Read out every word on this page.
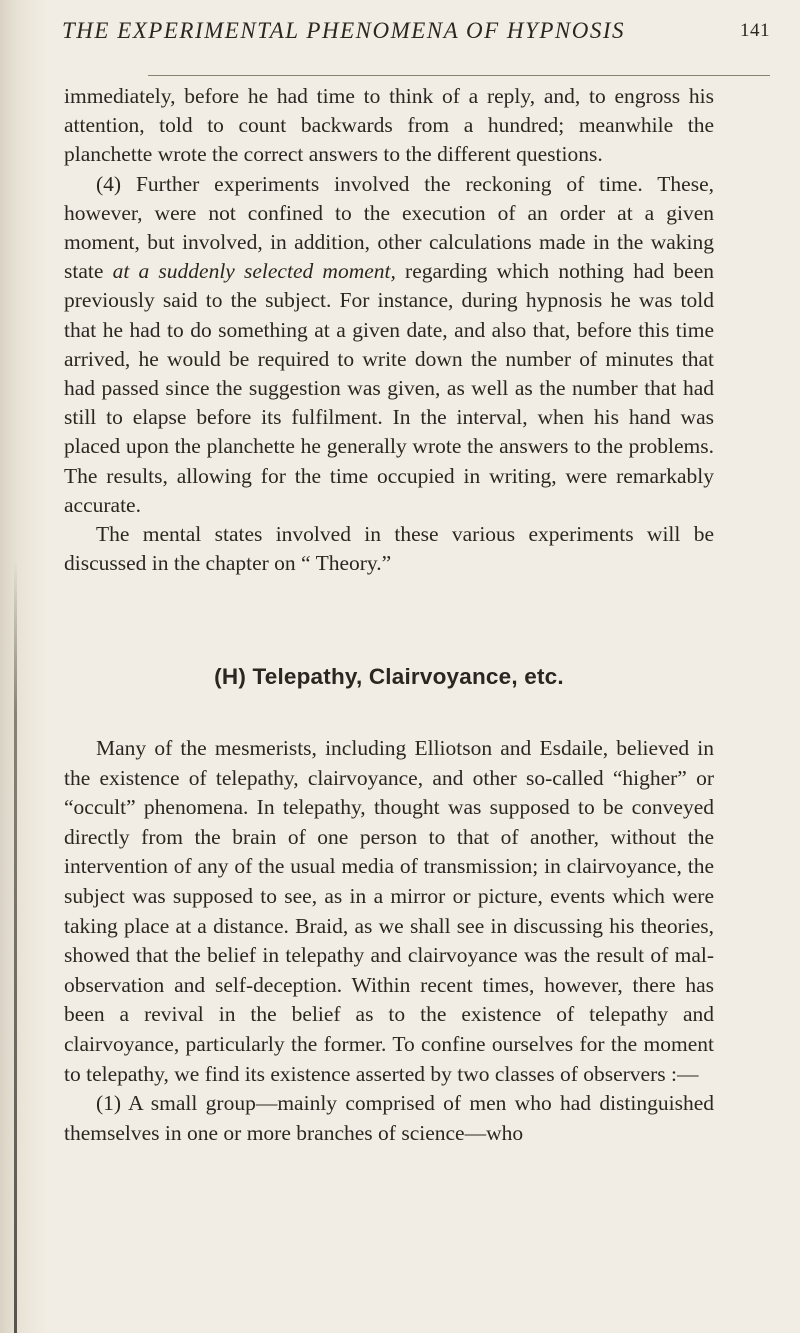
THE EXPERIMENTAL PHENOMENA OF HYPNOSIS	141

immediately, before he had time to think of a reply, and, to engross his attention, told to count backwards from a hundred; meanwhile the planchette wrote the correct answers to the different questions.

(4) Further experiments involved the reckoning of time. These, however, were not confined to the execution of an order at a given moment, but involved, in addition, other calculations made in the waking state at a suddenly selected moment, regarding which nothing had been previously said to the subject. For instance, during hypnosis he was told that he had to do something at a given date, and also that, before this time arrived, he would be required to write down the number of minutes that had passed since the suggestion was given, as well as the number that had still to elapse before its fulfilment. In the interval, when his hand was placed upon the planchette he generally wrote the answers to the problems. The results, allowing for the time occupied in writing, were remarkably accurate.

The mental states involved in these various experiments will be discussed in the chapter on “ Theory.”

(H) Telepathy, Clairvoyance, etc.

Many of the mesmerists, including Elliotson and Esdaile, believed in the existence of telepathy, clairvoyance, and other so-called “higher” or “occult” phenomena. In telepathy, thought was supposed to be conveyed directly from the brain of one person to that of another, without the intervention of any of the usual media of transmission; in clairvoyance, the subject was supposed to see, as in a mirror or picture, events which were taking place at a distance. Braid, as we shall see in discussing his theories, showed that the belief in telepathy and clairvoyance was the result of mal-observation and self-deception. Within recent times, however, there has been a revival in the belief as to the existence of telepathy and clairvoyance, particularly the former. To confine ourselves for the moment to telepathy, we find its existence asserted by two classes of observers :—

(1) A small group—mainly comprised of men who had distinguished themselves in one or more branches of science—who
